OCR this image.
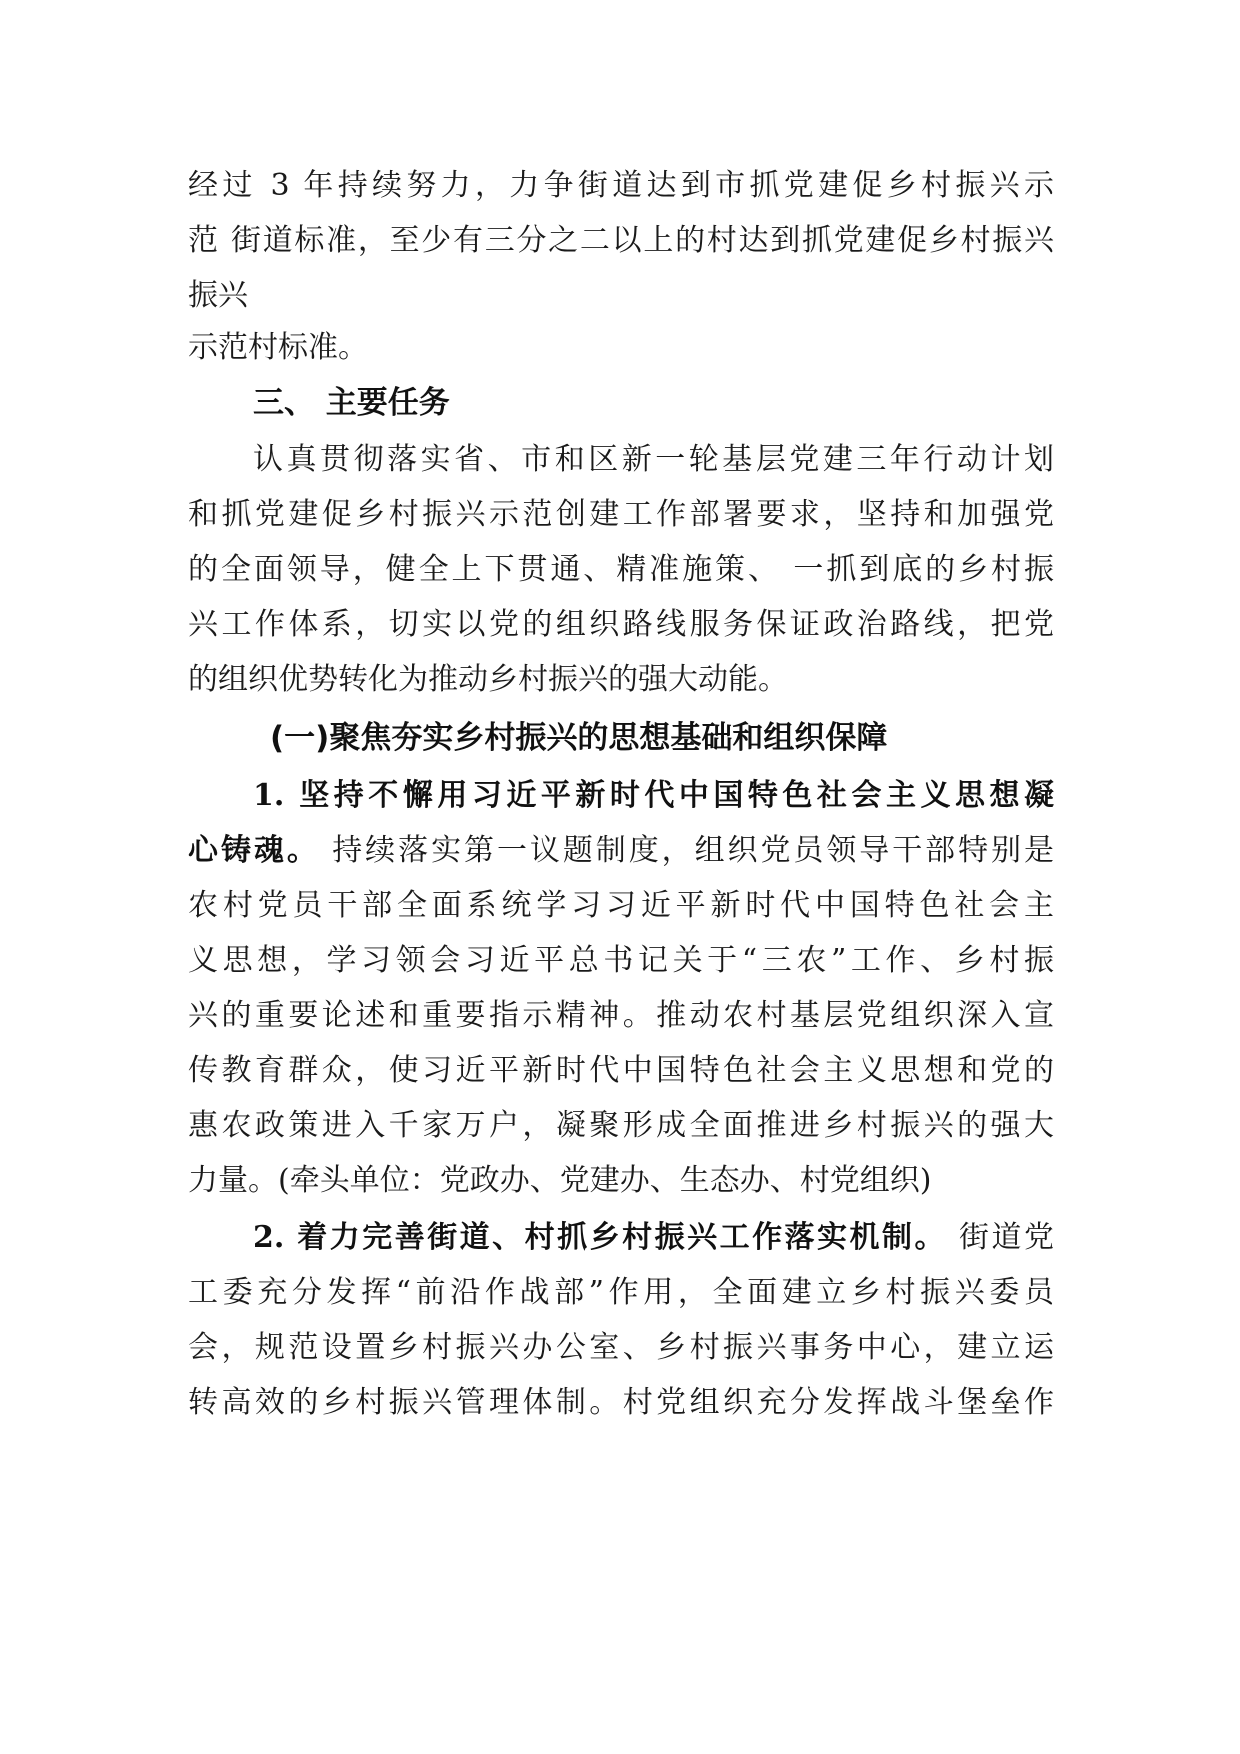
经过 3 年持续努力，力争街道达到市抓党建促乡村振兴示
范 街道标准，至少有三分之二以上的村达到抓党建促乡村振兴
振兴
示范村标准。
三、 主要任务
认真贯彻落实省、市和区新一轮基层党建三年行动计划
和抓党建促乡村振兴示范创建工作部署要求，坚持和加强党
的全面领导，健全上下贯通、精准施策、 一抓到底的乡村振
兴工作体系，切实以党的组织路线服务保证政治路线，把党
的组织优势转化为推动乡村振兴的强大动能。
(一)聚焦夯实乡村振兴的思想基础和组织保障
1. 坚持不懈用习近平新时代中国特色社会主义思想凝
心铸魂。 持续落实第一议题制度，组织党员领导干部特别是
农村党员干部全面系统学习习近平新时代中国特色社会主
义思想，学习领会习近平总书记关于“三农”工作、乡村振
兴的重要论述和重要指示精神。推动农村基层党组织深入宣
传教育群众，使习近平新时代中国特色社会主义思想和党的
惠农政策进入千家万户，凝聚形成全面推进乡村振兴的强大
力量。(牵头单位：党政办、党建办、生态办、村党组织)
2. 着力完善街道、村抓乡村振兴工作落实机制。 街道党
工委充分发挥“前沿作战部”作用，全面建立乡村振兴委员
会，规范设置乡村振兴办公室、乡村振兴事务中心，建立运
转高效的乡村振兴管理体制。村党组织充分发挥战斗堡垒作
